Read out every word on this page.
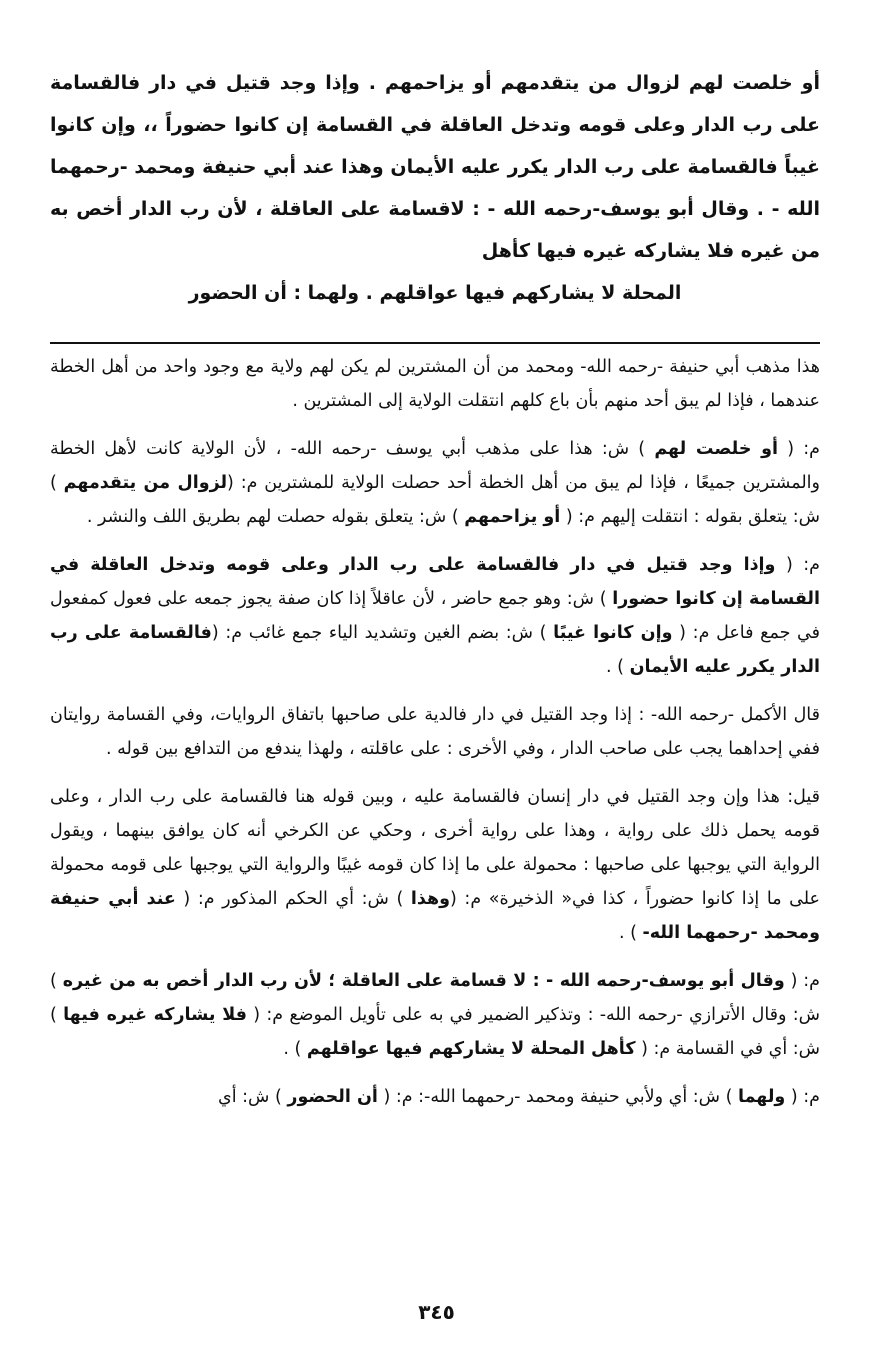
أو خلصت لهم لزوال من يتقدمهم أو يزاحمهم . وإذا وجد قتيل في دار فالقسامة على رب الدار وعلى قومه وتدخل العاقلة في القسامة إن كانوا حضوراً ،، وإن كانوا غيباً فالقسامة على رب الدار يكرر عليه الأيمان وهذا عند أبي حنيفة ومحمد -رحمهما الله - . وقال أبو يوسف-رحمه الله - : لاقسامة على العاقلة ، لأن رب الدار أخص به من غيره فلا يشاركه غيره فيها كأهل
المحلة لا يشاركهم فيها عواقلهم . ولهما : أن الحضور

هذا مذهب أبي حنيفة -رحمه الله- ومحمد من أن المشترين لم يكن لهم ولاية مع وجود واحد من أهل الخطة عندهما ، فإذا لم يبق أحد منهم بأن باع كلهم انتقلت الولاية إلى المشترين .

م: ( أو خلصت لهم ) ش: هذا على مذهب أبي يوسف -رحمه الله- ، لأن الولاية كانت لأهل الخطة والمشترين جميعًا ، فإذا لم يبق من أهل الخطة أحد حصلت الولاية للمشترين م: (لزوال من يتقدمهم ) ش: يتعلق بقوله : انتقلت إليهم م: ( أو يزاحمهم ) ش: يتعلق بقوله حصلت لهم بطريق اللف والنشر .

م: ( وإذا وجد قتيل في دار فالقسامة على رب الدار وعلى قومه وتدخل العاقلة في القسامة إن كانوا حضورا ) ش: وهو جمع حاضر ، لأن عاقلاً إذا كان صفة يجوز جمعه على فعول كمفعول في جمع فاعل م: ( وإن كانوا غيبًا ) ش: بضم الغين وتشديد الياء جمع غائب م: (فالقسامة على رب الدار يكرر عليه الأيمان ) .

قال الأكمل -رحمه الله- : إذا وجد القتيل في دار فالدية على صاحبها باتفاق الروايات، وفي القسامة روايتان ففي إحداهما يجب على صاحب الدار ، وفي الأخرى : على عاقلته ، ولهذا يندفع من التدافع بين قوله .

قيل: هذا وإن وجد القتيل في دار إنسان فالقسامة عليه ، وبين قوله هنا فالقسامة على رب الدار ، وعلى قومه يحمل ذلك على رواية ، وهذا على رواية أخرى ، وحكي عن الكرخي أنه كان يوافق بينهما ، ويقول الرواية التي يوجبها على صاحبها : محمولة على ما إذا كان قومه غيبًا والرواية التي يوجبها على قومه محمولة على ما إذا كانوا حضوراً ، كذا في« الذخيرة» م: (وهذا ) ش: أي الحكم المذكور م: ( عند أبي حنيفة ومحمد -رحمهما الله- ) .

م: ( وقال أبو يوسف-رحمه الله - : لا قسامة على العاقلة ؛ لأن رب الدار أخص به من غيره ) ش: وقال الأترازي -رحمه الله- : وتذكير الضمير في به على تأويل الموضع م: ( فلا يشاركه غيره فيها ) ش: أي في القسامة م: ( كأهل المحلة لا يشاركهم فيها عواقلهم ) .

م: ( ولهما ) ش: أي ولأبي حنيفة ومحمد -رحمهما الله-: م: ( أن الحضور ) ش: أي

٣٤٥
